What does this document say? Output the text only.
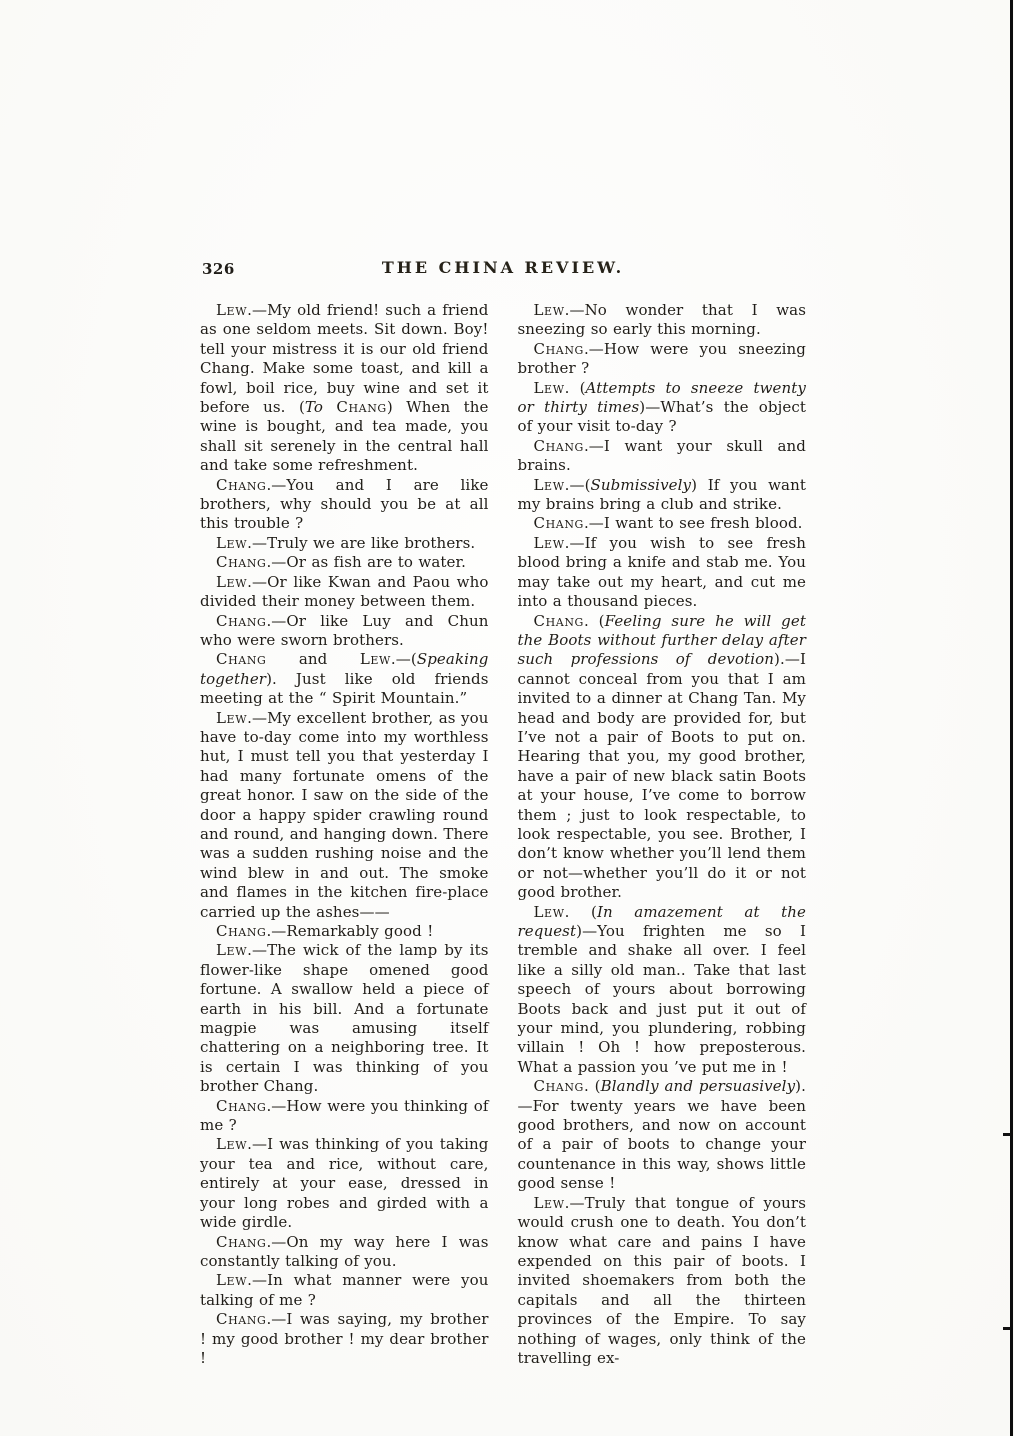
326	THE CHINA REVIEW.

Lew.—My old friend! such a friend as one seldom meets. Sit down. Boy! tell your mistress it is our old friend Chang. Make some toast, and kill a fowl, boil rice, buy wine and set it before us. (To Chang) When the wine is bought, and tea made, you shall sit serenely in the central hall and take some refreshment.

Chang.—You and I are like brothers, why should you be at all this trouble ?

Lew.—Truly we are like brothers.

Chang.—Or as fish are to water.

Lew.—Or like Kwan and Paou who divided their money between them.

Chang.—Or like Luy and Chun who were sworn brothers.

Chang and Lew.—(Speaking together). Just like old friends meeting at the “ Spirit Mountain.”

Lew.—My excellent brother, as you have to-day come into my worthless hut, I must tell you that yesterday I had many fortunate omens of the great honor. I saw on the side of the door a happy spider crawling round and round, and hanging down. There was a sudden rushing noise and the wind blew in and out. The smoke and flames in the kitchen fire-place carried up the ashes——

Chang.—Remarkably good !

Lew.—The wick of the lamp by its flower-like shape omened good fortune. A swallow held a piece of earth in his bill. And a fortunate magpie was amusing itself chattering on a neighboring tree. It is certain I was thinking of you brother Chang.

Chang.—How were you thinking of me ?

Lew.—I was thinking of you taking your tea and rice, without care, entirely at your ease, dressed in your long robes and girded with a wide girdle.

Chang.—On my way here I was constantly talking of you.

Lew.—In what manner were you talking of me ?

Chang.—I was saying, my brother ! my good brother ! my dear brother !

Lew.—No wonder that I was sneezing so early this morning.

Chang.—How were you sneezing brother ?

Lew. (Attempts to sneeze twenty or thirty times)—What’s the object of your visit to-day ?

Chang.—I want your skull and brains.

Lew.—(Submissively) If you want my brains bring a club and strike.

Chang.—I want to see fresh blood.

Lew.—If you wish to see fresh blood bring a knife and stab me. You may take out my heart, and cut me into a thousand pieces.

Chang. (Feeling sure he will get the Boots without further delay after such professions of devotion).—I cannot conceal from you that I am invited to a dinner at Chang Tan. My head and body are provided for, but I’ve not a pair of Boots to put on. Hearing that you, my good brother, have a pair of new black satin Boots at your house, I’ve come to borrow them ; just to look respectable, to look respectable, you see. Brother, I don’t know whether you’ll lend them or not—whether you’ll do it or not good brother.

Lew. (In amazement at the request)—You frighten me so I tremble and shake all over. I feel like a silly old man.. Take that last speech of yours about borrowing Boots back and just put it out of your mind, you plundering, robbing villain ! Oh ! how preposterous. What a passion you ’ve put me in !

Chang. (Blandly and persuasively).—For twenty years we have been good brothers, and now on account of a pair of boots to change your countenance in this way, shows little good sense !

Lew.—Truly that tongue of yours would crush one to death. You don’t know what care and pains I have expended on this pair of boots. I invited shoemakers from both the capitals and all the thirteen provinces of the Empire. To say nothing of wages, only think of the travelling ex-
